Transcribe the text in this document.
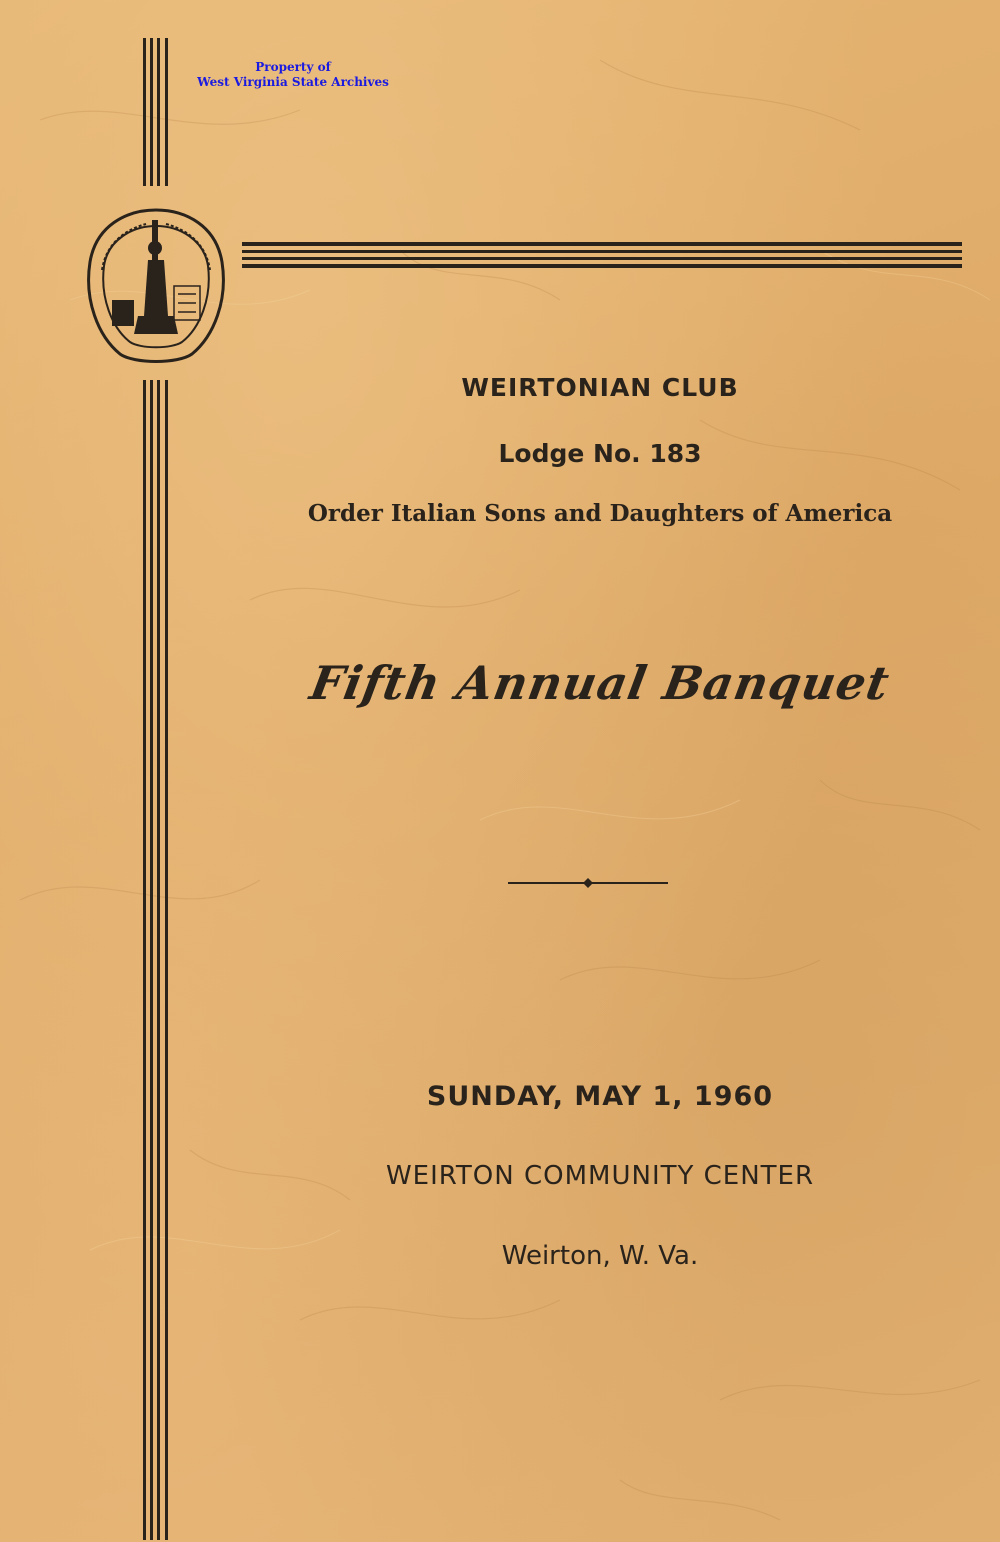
Property of
West Virginia State Archives
WEIRTONIAN CLUB
Lodge No. 183
Order Italian Sons and Daughters of America
Fifth Annual Banquet
SUNDAY, MAY 1, 1960
WEIRTON COMMUNITY CENTER
Weirton, W. Va.
